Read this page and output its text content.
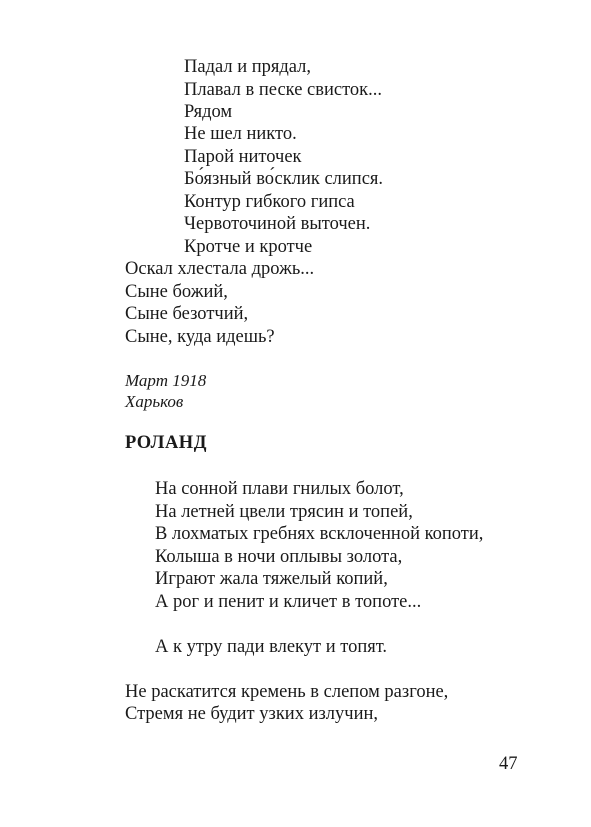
Падал и прядал,

Плавал в песке свисток...

Рядом

Не шел никто.

Парой ниточек

Бо́язный во́склик слипся.

Контур гибкого гипса

Червоточиной выточен.

Кротче и кротче

Оскал хлестала дрожь...

Сыне божий,

Сыне безотчий,

Сыне, куда идешь?

Март 1918

Харьков

РОЛАНД

На сонной плави гнилых болот,

На летней цвели трясин и топей,

В лохматых гребнях всклоченной копоти,

Колыша в ночи оплывы золота,

Играют жала тяжелый копий,

А рог и пенит и кличет в топоте...

А к утру пади влекут и топят.

Не раскатится кремень в слепом разгоне,

Стремя не будит узких излучин,

47
